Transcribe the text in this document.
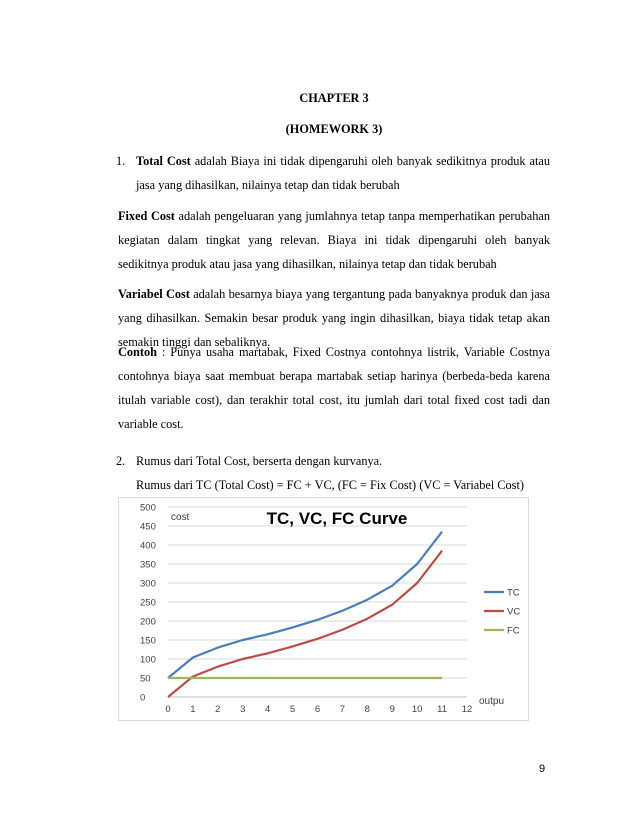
CHAPTER 3
(HOMEWORK 3)
1. Total Cost adalah Biaya ini tidak dipengaruhi oleh banyak sedikitnya produk atau jasa yang dihasilkan, nilainya tetap dan tidak berubah
Fixed Cost adalah pengeluaran yang jumlahnya tetap tanpa memperhatikan perubahan kegiatan dalam tingkat yang relevan. Biaya ini tidak dipengaruhi oleh banyak sedikitnya produk atau jasa yang dihasilkan, nilainya tetap dan tidak berubah
Variabel Cost adalah besarnya biaya yang tergantung pada banyaknya produk dan jasa yang dihasilkan. Semakin besar produk yang ingin dihasilkan, biaya tidak tetap akan semakin tinggi dan sebaliknya.
Contoh : Punya usaha martabak, Fixed Costnya contohnya listrik, Variable Costnya contohnya biaya saat membuat berapa martabak setiap harinya (berbeda-beda karena itulah variable cost), dan terakhir total cost, itu jumlah dari total fixed cost tadi dan variable cost.
2. Rumus dari Total Cost, berserta dengan kurvanya.
Rumus dari TC (Total Cost) = FC + VC, (FC = Fix Cost) (VC = Variabel Cost)
0
50
100
150
200
250
300
350
400
450
500
0 1 2 3 4 5 6 7 8 9 10 11 12
TC, VC, FC Curve
cost
outpu
TC
VC
FC
9
